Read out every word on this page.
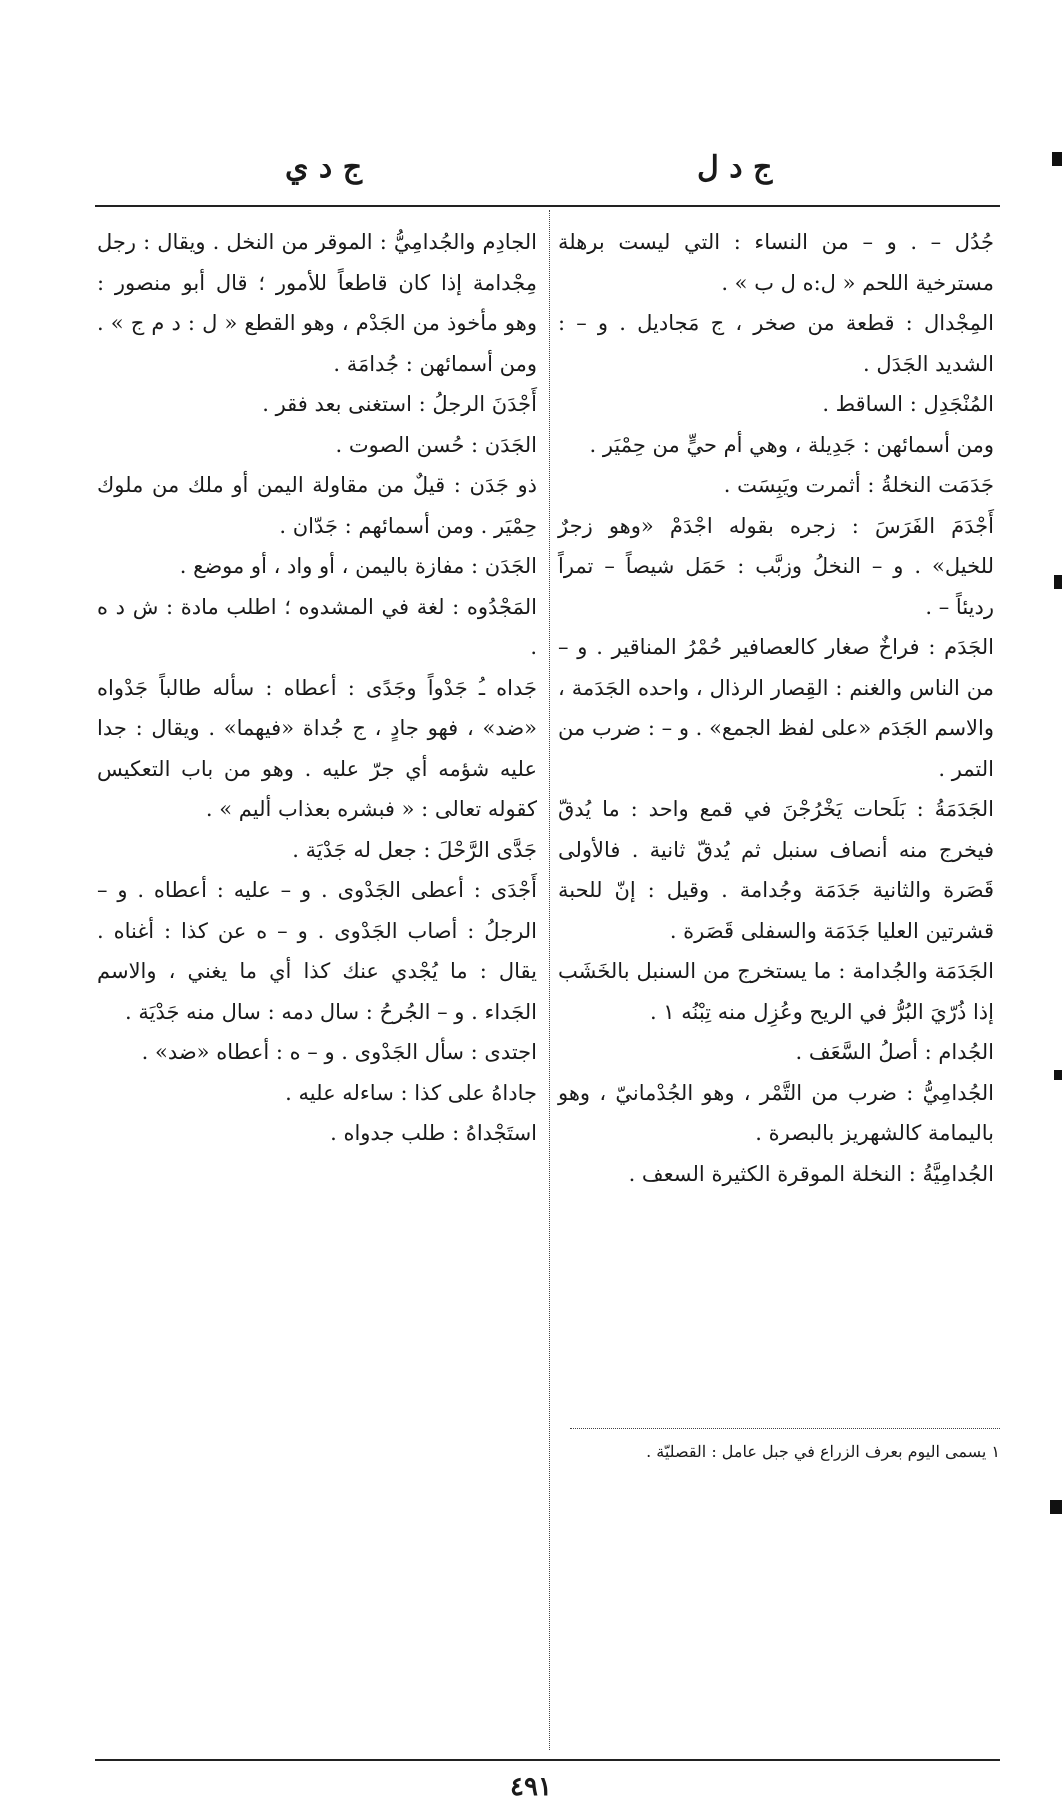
ج د ل
ج د ي

جُدُل – . و – من النساء : التي ليست برهلة مسترخية اللحم « ل:ه ل ب » .

المِجْدال : قطعة من صخر ، ج مَجاديل . و – : الشديد الجَدَل .

المُنْجَدِل : الساقط .

ومن أسمائهن : جَدِيلة ، وهي أم حيٍّ من حِمْيَر .

جَدَمَت النخلةُ : أثمرت ويَبِسَت .

أَجْدَمَ الفَرَسَ : زجره بقوله اجْدَمْ «وهو زجرٌ للخيل» . و – النخلُ وزبَّب : حَمَل شيصاً – تمراً رديئاً – .

الجَدَم : فراخٌ صغار كالعصافير حُمْرُ المناقير . و – من الناس والغنم : القِصار الرذال ، واحده الجَدَمة ، والاسم الجَدَم «على لفظ الجمع» . و – : ضرب من التمر .

الجَدَمَةُ : بَلَحات يَخْرُجْنَ في قمع واحد : ما يُدقّ فيخرج منه أنصاف سنبل ثم يُدقّ ثانية . فالأولى قَصَرة والثانية جَدَمَة وجُدامة . وقيل : إنّ للحبة قشرتين العليا جَدَمَة والسفلى قَصَرة .

الجَدَمَة والجُدامة : ما يستخرج من السنبل بالخَشَب إذا ذُرّيَ البُرُّ في الريح وعُزِل منه تِبْنُه ١ .

الجُدام : أصلُ السَّعَف .

الجُدامِيُّ : ضرب من التَّمْر ، وهو الجُدْمانيّ ، وهو باليمامة كالشهريز بالبصرة .

الجُدامِيَّةُ : النخلة الموقرة الكثيرة السعف .

الجادِم والجُدامِيُّ : الموقر من النخل . ويقال : رجل مِجْدامة إذا كان قاطعاً للأمور ؛ قال أبو منصور : وهو مأخوذ من الجَدْم ، وهو القطع « ل : د م ج » . ومن أسمائهن : جُدامَة .

أَجْدَنَ الرجلُ : استغنى بعد فقر .

الجَدَن : حُسن الصوت .

ذو جَدَن : قيلٌ من مقاولة اليمن أو ملك من ملوك حِمْيَر . ومن أسمائهم : جَدّان .

الجَدَن : مفازة باليمن ، أو واد ، أو موضع .

المَجْدُوه : لغة في المشدوه ؛ اطلب مادة : ش د ه .

جَداه ـُ جَدْواً وجَدًى : أعطاه : سأله طالباً جَدْواه «ضد» ، فهو جادٍ ، ج جُداة «فيهما» . ويقال : جدا عليه شؤمه أي جرّ عليه . وهو من باب التعكيس كقوله تعالى : « فبشره بعذاب أليم » .

جَدَّى الرَّحْلَ : جعل له جَدْيَة .

أَجْدَى : أعطى الجَدْوى . و – عليه : أعطاه . و – الرجلُ : أصاب الجَدْوى . و – ه عن كذا : أغناه . يقال : ما يُجْدي عنك كذا أي ما يغني ، والاسم الجَداء . و – الجُرحُ : سال دمه : سال منه جَدْيَة .

اجتدى : سأل الجَدْوى . و – ه : أعطاه «ضد» .

جاداهُ على كذا : ساءله عليه .

استَجْداهُ : طلب جدواه .

١ يسمى اليوم بعرف الزراع في جبل عامل : القصليّة .
٤٩١
